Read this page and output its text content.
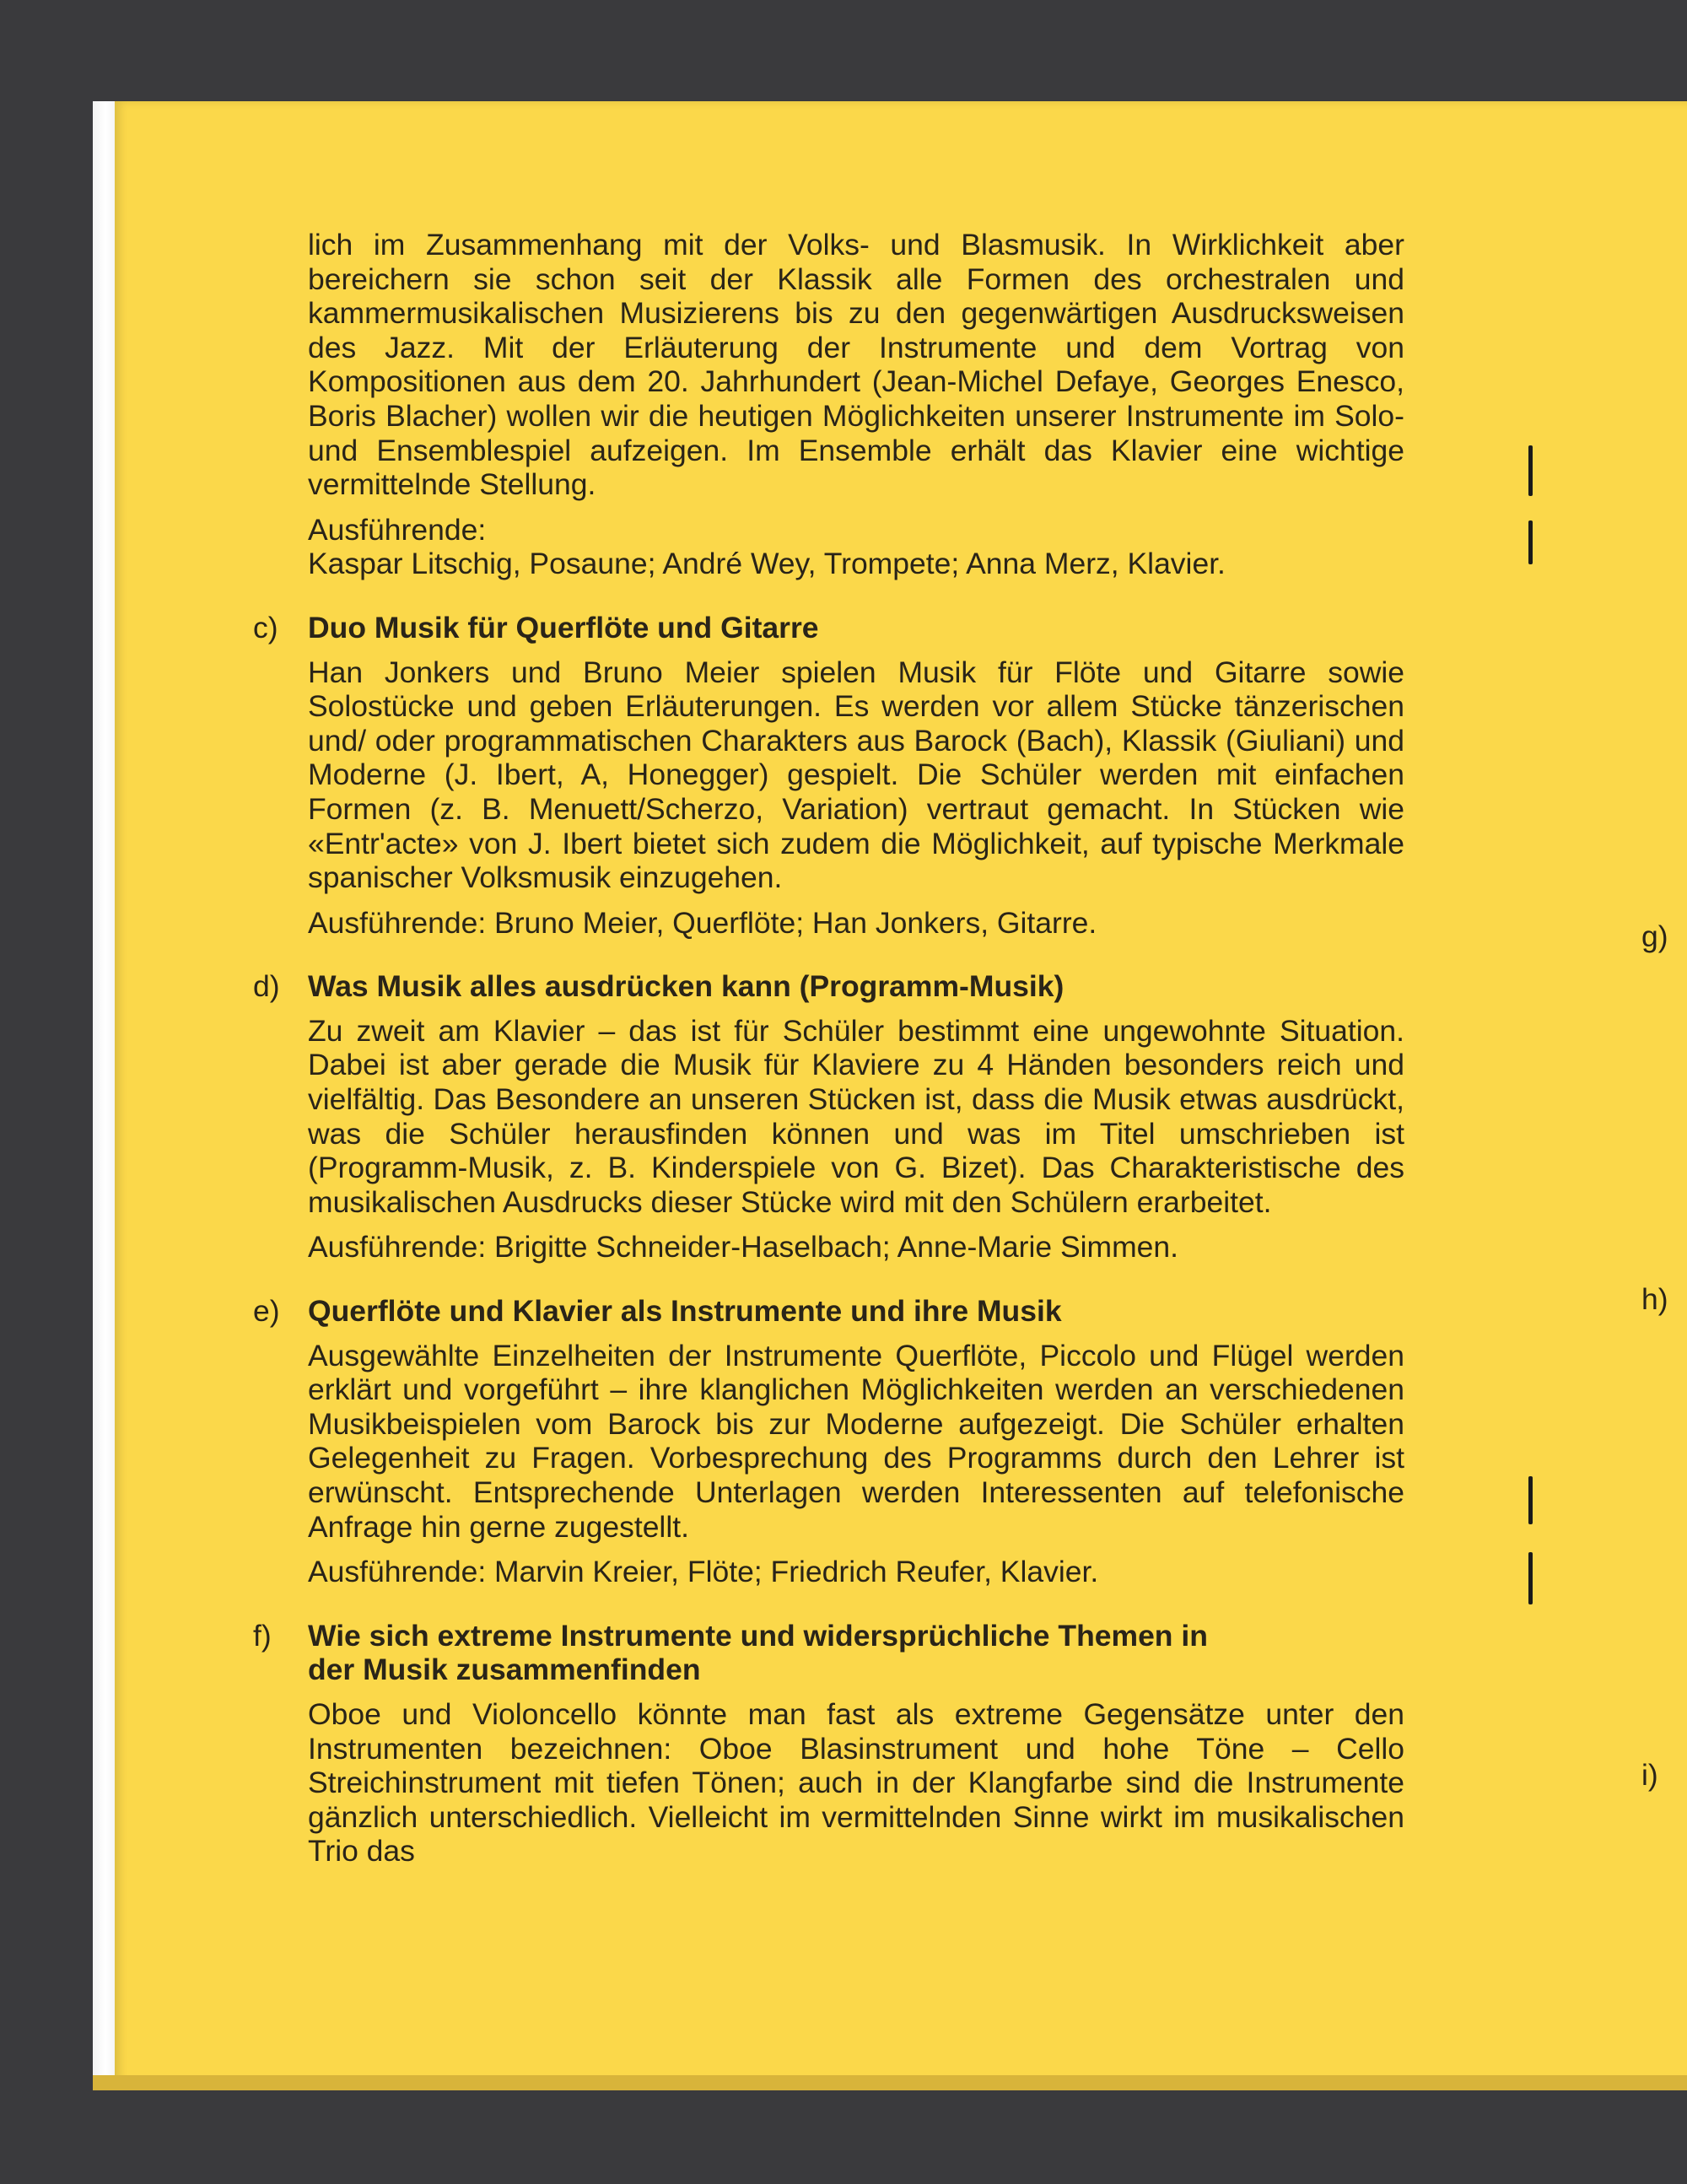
lich im Zusammenhang mit der Volks- und Blasmusik. In Wirklichkeit aber bereichern sie schon seit der Klassik alle Formen des orchestralen und kammermusikalischen Musizierens bis zu den gegenwärtigen Ausdrucksweisen des Jazz. Mit der Erläuterung der Instrumente und dem Vortrag von Kompositionen aus dem 20. Jahrhundert (Jean-Michel Defaye, Georges Enesco, Boris Blacher) wollen wir die heutigen Möglichkeiten unserer Instrumente im Solo- und Ensemblespiel aufzeigen. Im Ensemble erhält das Klavier eine wichtige vermittelnde Stellung.

Ausführende:

Kaspar Litschig, Posaune; André Wey, Trompete; Anna Merz, Klavier.

c) Duo Musik für Querflöte und Gitarre

Han Jonkers und Bruno Meier spielen Musik für Flöte und Gitarre sowie Solostücke und geben Erläuterungen. Es werden vor allem Stücke tänzerischen und/ oder programmatischen Charakters aus Barock (Bach), Klassik (Giuliani) und Moderne (J. Ibert, A, Honegger) gespielt. Die Schüler werden mit einfachen Formen (z. B. Menuett/Scherzo, Variation) vertraut gemacht. In Stücken wie «Entr'acte» von J. Ibert bietet sich zudem die Möglichkeit, auf typische Merkmale spanischer Volksmusik einzugehen.

Ausführende: Bruno Meier, Querflöte; Han Jonkers, Gitarre.

d) Was Musik alles ausdrücken kann (Programm-Musik)

Zu zweit am Klavier – das ist für Schüler bestimmt eine ungewohnte Situation. Dabei ist aber gerade die Musik für Klaviere zu 4 Händen besonders reich und vielfältig. Das Besondere an unseren Stücken ist, dass die Musik etwas ausdrückt, was die Schüler herausfinden können und was im Titel umschrieben ist (Programm-Musik, z. B. Kinderspiele von G. Bizet). Das Charakteristische des musikalischen Ausdrucks dieser Stücke wird mit den Schülern erarbeitet.

Ausführende: Brigitte Schneider-Haselbach; Anne-Marie Simmen.

e) Querflöte und Klavier als Instrumente und ihre Musik

Ausgewählte Einzelheiten der Instrumente Querflöte, Piccolo und Flügel werden erklärt und vorgeführt – ihre klanglichen Möglichkeiten werden an verschiedenen Musikbeispielen vom Barock bis zur Moderne aufgezeigt. Die Schüler erhalten Gelegenheit zu Fragen. Vorbesprechung des Programms durch den Lehrer ist erwünscht. Entsprechende Unterlagen werden Interessenten auf telefonische Anfrage hin gerne zugestellt.

Ausführende: Marvin Kreier, Flöte; Friedrich Reufer, Klavier.

f) Wie sich extreme Instrumente und widersprüchliche Themen in der Musik zusammenfinden

Oboe und Violoncello könnte man fast als extreme Gegensätze unter den Instrumenten bezeichnen: Oboe Blasinstrument und hohe Töne – Cello Streichinstrument mit tiefen Tönen; auch in der Klangfarbe sind die Instrumente gänzlich unterschiedlich. Vielleicht im vermittelnden Sinne wirkt im musikalischen Trio das

g)
h)
i)
